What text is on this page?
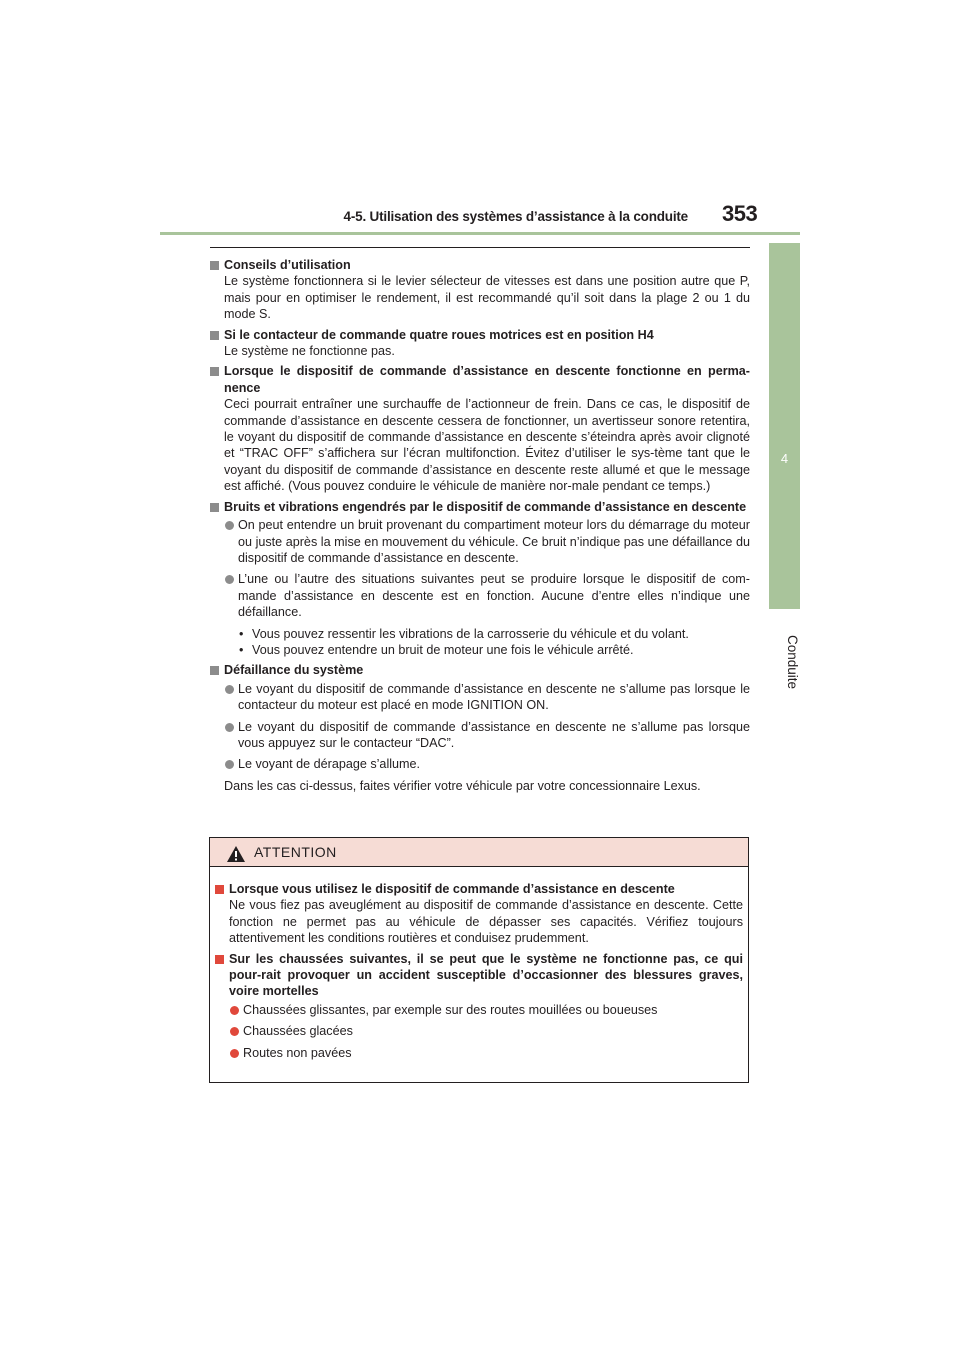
4-5. Utilisation des systèmes d’assistance à la conduite 353
4
Conduite
Conseils d’utilisation
Le système fonctionnera si le levier sélecteur de vitesses est dans une position autre que P, mais pour en optimiser le rendement, il est recommandé qu’il soit dans la plage 2 ou 1 du mode S.
Si le contacteur de commande quatre roues motrices est en position H4
Le système ne fonctionne pas.
Lorsque le dispositif de commande d’assistance en descente fonctionne en perma-nence
Ceci pourrait entraîner une surchauffe de l’actionneur de frein. Dans ce cas, le dispositif de commande d’assistance en descente cessera de fonctionner, un avertisseur sonore retentira, le voyant du dispositif de commande d’assistance en descente s’éteindra après avoir clignoté et “TRAC OFF” s’affichera sur l’écran multifonction. Évitez d’utiliser le sys-tème tant que le voyant du dispositif de commande d’assistance en descente reste allumé et que le message est affiché. (Vous pouvez conduire le véhicule de manière nor-male pendant ce temps.)
Bruits et vibrations engendrés par le dispositif de commande d’assistance en descente
On peut entendre un bruit provenant du compartiment moteur lors du démarrage du moteur ou juste après la mise en mouvement du véhicule. Ce bruit n’indique pas une défaillance du dispositif de commande d’assistance en descente.
L’une ou l’autre des situations suivantes peut se produire lorsque le dispositif de com-mande d’assistance en descente est en fonction. Aucune d’entre elles n’indique une défaillance.
• Vous pouvez ressentir les vibrations de la carrosserie du véhicule et du volant.
• Vous pouvez entendre un bruit de moteur une fois le véhicule arrêté.
Défaillance du système
Le voyant du dispositif de commande d’assistance en descente ne s’allume pas lorsque le contacteur du moteur est placé en mode IGNITION ON.
Le voyant du dispositif de commande d’assistance en descente ne s’allume pas lorsque vous appuyez sur le contacteur “DAC”.
Le voyant de dérapage s’allume.
Dans les cas ci-dessus, faites vérifier votre véhicule par votre concessionnaire Lexus.
ATTENTION
Lorsque vous utilisez le dispositif de commande d’assistance en descente
Ne vous fiez pas aveuglément au dispositif de commande d’assistance en descente. Cette fonction ne permet pas au véhicule de dépasser ses capacités. Vérifiez toujours attentivement les conditions routières et conduisez prudemment.
Sur les chaussées suivantes, il se peut que le système ne fonctionne pas, ce qui pour-rait provoquer un accident susceptible d’occasionner des blessures graves, voire mortelles
Chaussées glissantes, par exemple sur des routes mouillées ou boueuses
Chaussées glacées
Routes non pavées
